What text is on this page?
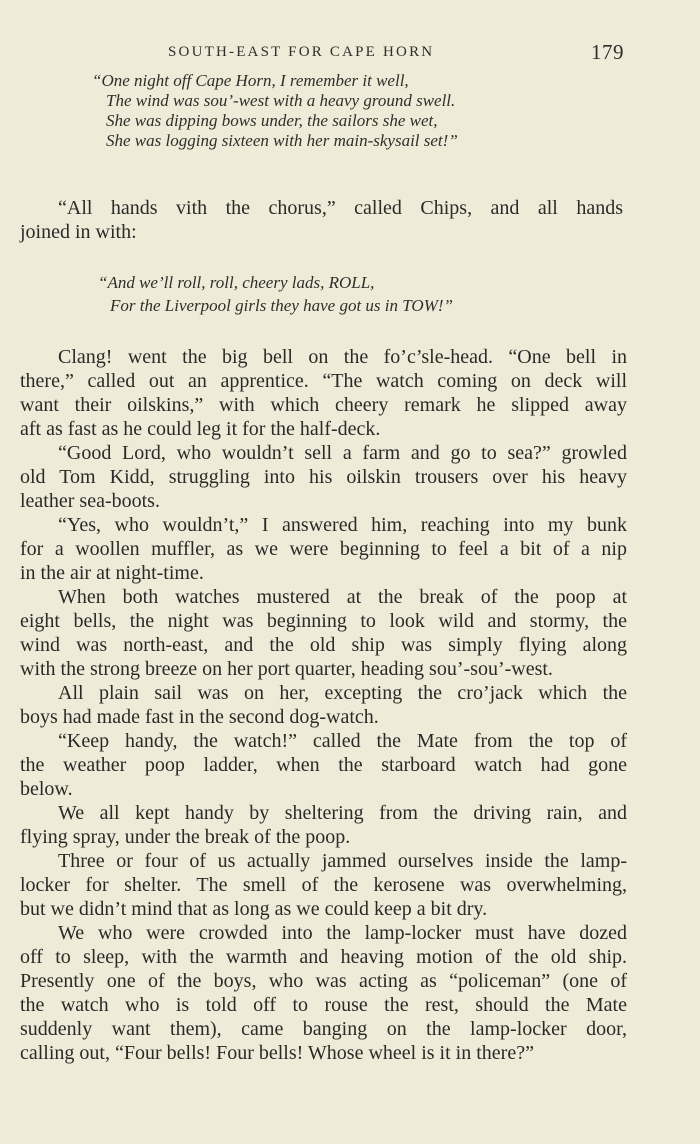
SOUTH-EAST FOR CAPE HORN	179
“One night off Cape Horn, I remember it well,
The wind was sou’-west with a heavy ground swell.
She was dipping bows under, the sailors she wet,
She was logging sixteen with her main-skysail set!”
“All hands vith the chorus,” called Chips, and all hands
joined in with:
“And we’ll roll, roll, cheery lads, ROLL,
For the Liverpool girls they have got us in TOW!”
Clang! went the big bell on the fo’c’sle-head. “One bell in
there,” called out an apprentice. “The watch coming on deck will
want their oilskins,” with which cheery remark he slipped away
aft as fast as he could leg it for the half-deck.
“Good Lord, who wouldn’t sell a farm and go to sea?” growled
old Tom Kidd, struggling into his oilskin trousers over his heavy
leather sea-boots.
“Yes, who wouldn’t,” I answered him, reaching into my bunk
for a woollen muffler, as we were beginning to feel a bit of a nip
in the air at night-time.
When both watches mustered at the break of the poop at
eight bells, the night was beginning to look wild and stormy, the
wind was north-east, and the old ship was simply flying along
with the strong breeze on her port quarter, heading sou’-sou’-west.
All plain sail was on her, excepting the cro’jack which the
boys had made fast in the second dog-watch.
“Keep handy, the watch!” called the Mate from the top of
the weather poop ladder, when the starboard watch had gone
below.
We all kept handy by sheltering from the driving rain, and
flying spray, under the break of the poop.
Three or four of us actually jammed ourselves inside the lamp-
locker for shelter. The smell of the kerosene was overwhelming,
but we didn’t mind that as long as we could keep a bit dry.
We who were crowded into the lamp-locker must have dozed
off to sleep, with the warmth and heaving motion of the old ship.
Presently one of the boys, who was acting as “policeman” (one of
the watch who is told off to rouse the rest, should the Mate
suddenly want them), came banging on the lamp-locker door,
calling out, “Four bells! Four bells! Whose wheel is it in there?”
